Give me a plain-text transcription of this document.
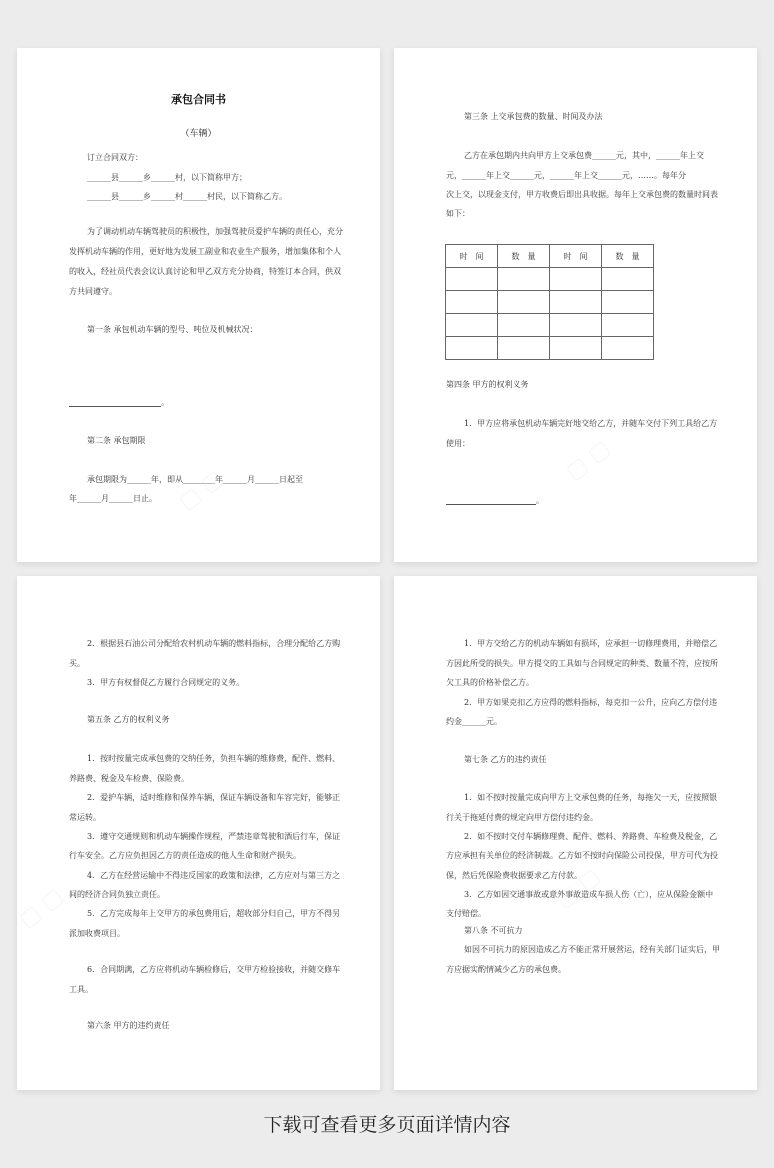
承包合同书
（车辆）
订立合同双方：
______县______乡______村，以下简称甲方；
______县______乡______村______村民，以下简称乙方。
为了调动机动车辆驾驶员的积极性，加强驾驶员爱护车辆的责任心，充分
发挥机动车辆的作用，更好地为发展工副业和农业生产服务，增加集体和个人
的收入，经社员代表会议认真讨论和甲乙双方充分协商，特签订本合同，供双
方共同遵守。
第一条 承包机动车辆的型号、吨位及机械状况：
。
第二条 承包期限
承包期限为______年，即从________年______月______日起至
年______月______日止。
第三条 上交承包费的数量、时间及办法
乙方在承包期内共向甲方上交承包费______元，其中，______年上交
元，______年上交______元，______年上交______元，……。每年分
次上交，以现金支付，甲方收费后即出具收据。每年上交承包费的数量时间表
如下：
时　间	数　量	时　间	数　量

第四条 甲方的权利义务
1．甲方应将承包机动车辆完好地交给乙方，并随车交付下列工具给乙方
使用：
。
2．根据县石油公司分配给农村机动车辆的燃料指标，合理分配给乙方购
买。
3．甲方有权督促乙方履行合同规定的义务。
第五条 乙方的权利义务
1．按时按量完成承包费的交纳任务，负担车辆的维修费，配件、燃料、
养路费、税金及车检费、保险费。
2．爱护车辆，适时维修和保养车辆，保证车辆设备和车容完好，能够正
常运转。
3．遵守交通规则和机动车辆操作规程，严禁违章驾驶和酒后行车，保证
行车安全。乙方应负担因乙方的责任造成的他人生命和财产损失。
4．乙方在经营运输中不得违反国家的政策和法律，乙方应对与第三方之
间的经济合同负独立责任。
5．乙方完成每年上交甲方的承包费用后，超收部分归自己，甲方不得另
派加收费项目。
6．合同期满，乙方应将机动车辆检修后，交甲方检验接收，并随交修车
工具。
第六条 甲方的违约责任
1．甲方交给乙方的机动车辆如有损坏，应承担一切修理费用，并赔偿乙
方因此所受的损失。甲方提交的工具如与合同规定的种类、数量不符，应按所
欠工具的价格补偿乙方。
2．甲方如果克扣乙方应得的燃料指标，每克扣一公升，应向乙方偿付违
约金______元。
第七条 乙方的违约责任
1．如不按时按量完成向甲方上交承包费的任务，每拖欠一天，应按照银
行关于拖延付费的规定向甲方偿付违约金。
2．如不按时交付车辆修理费、配件、燃料、养路费、车检费及税金，乙
方应承担有关单位的经济制裁。乙方如不按时向保险公司投保，甲方可代为投
保，然后凭保险费收据要求乙方付款。
3．乙方如因交通事故或意外事故造成车损人伤（亡），应从保险金额中
支付赔偿。
第八条 不可抗力
如因不可抗力的原因造成乙方不能正常开展营运，经有关部门证实后，甲
方应据实酌情减少乙方的承包费。
下载可查看更多页面详情内容
